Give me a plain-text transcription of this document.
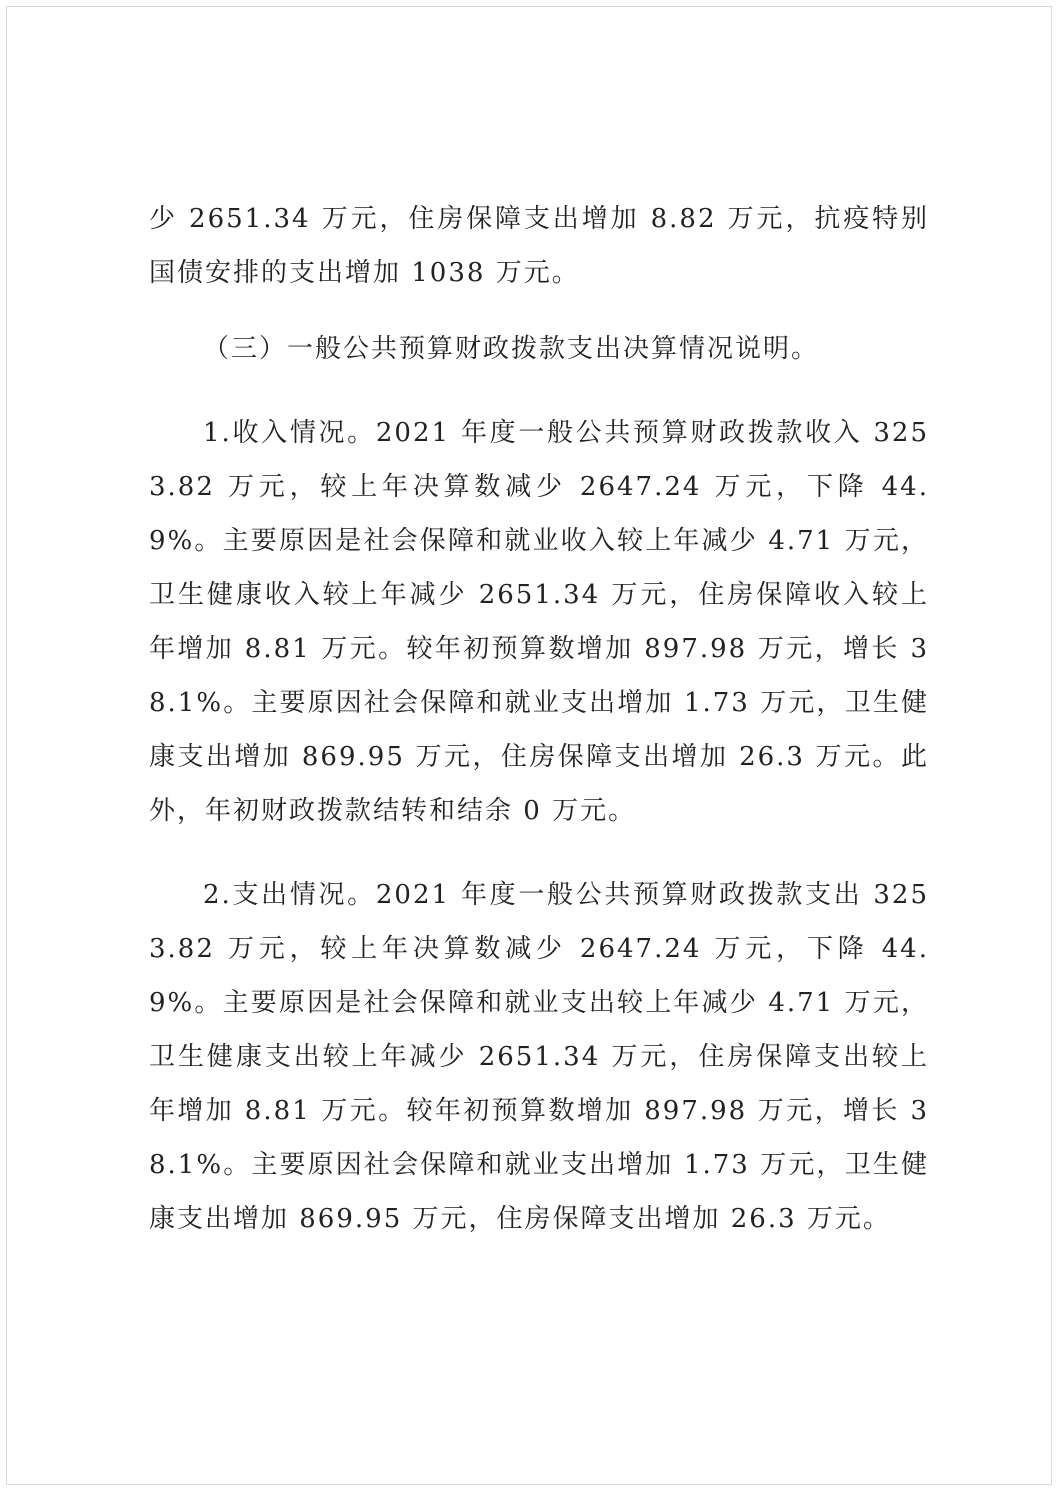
少 2651.34 万元，住房保障支出增加 8.82 万元，抗疫特别国债安排的支出增加 1038 万元。

（三）一般公共预算财政拨款支出决算情况说明。

1.收入情况。2021 年度一般公共预算财政拨款收入 3253.82 万元，较上年决算数减少 2647.24 万元，下降 44.9%。主要原因是社会保障和就业收入较上年减少 4.71 万元，卫生健康收入较上年减少 2651.34 万元，住房保障收入较上年增加 8.81 万元。较年初预算数增加 897.98 万元，增长 38.1%。主要原因社会保障和就业支出增加 1.73 万元，卫生健康支出增加 869.95 万元，住房保障支出增加 26.3 万元。此外，年初财政拨款结转和结余 0 万元。

2.支出情况。2021 年度一般公共预算财政拨款支出 3253.82 万元，较上年决算数减少 2647.24 万元，下降 44.9%。主要原因是社会保障和就业支出较上年减少 4.71 万元，卫生健康支出较上年减少 2651.34 万元，住房保障支出较上年增加 8.81 万元。较年初预算数增加 897.98 万元，增长 38.1%。主要原因社会保障和就业支出增加 1.73 万元，卫生健康支出增加 869.95 万元，住房保障支出增加 26.3 万元。
